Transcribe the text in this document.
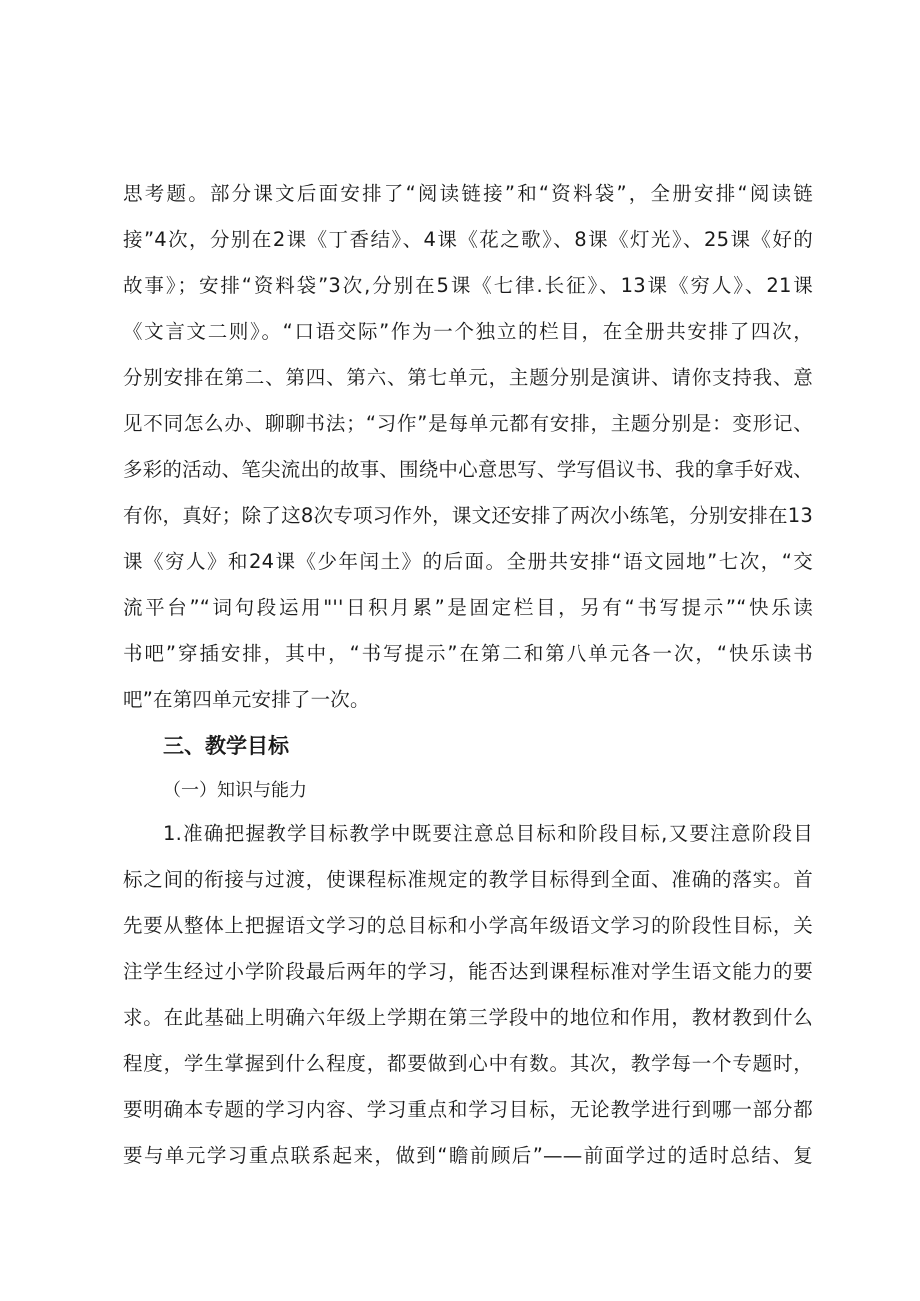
思考题。部分课文后面安排了“阅读链接”和“资料袋”，全册安排“阅读链
接”4次，分别在2课《丁香结》、4课《花之歌》、8课《灯光》、25课《好的
故事》；安排“资料袋”3次,分别在5课《七律.长征》、13课《穷人》、21课
《文言文二则》。“口语交际”作为一个独立的栏目，在全册共安排了四次，
分别安排在第二、第四、第六、第七单元，主题分别是演讲、请你支持我、意
见不同怎么办、聊聊书法；“习作”是每单元都有安排，主题分别是：变形记、
多彩的活动、笔尖流出的故事、围绕中心意思写、学写倡议书、我的拿手好戏、
有你，真好；除了这8次专项习作外，课文还安排了两次小练笔，分别安排在13
课《穷人》和24课《少年闰土》的后面。全册共安排“语文园地”七次，“交
流平台”“词句段运用"''日积月累”是固定栏目，另有“书写提示”“快乐读
书吧”穿插安排，其中，“书写提示”在第二和第八单元各一次，“快乐读书
吧”在第四单元安排了一次。
三、教学目标
（一）知识与能力
1.准确把握教学目标教学中既要注意总目标和阶段目标,又要注意阶段目
标之间的衔接与过渡，使课程标准规定的教学目标得到全面、准确的落实。首
先要从整体上把握语文学习的总目标和小学高年级语文学习的阶段性目标，关
注学生经过小学阶段最后两年的学习，能否达到课程标准对学生语文能力的要
求。在此基础上明确六年级上学期在第三学段中的地位和作用，教材教到什么
程度，学生掌握到什么程度，都要做到心中有数。其次，教学每一个专题时，
要明确本专题的学习内容、学习重点和学习目标，无论教学进行到哪一部分都
要与单元学习重点联系起来，做到“瞻前顾后”——前面学过的适时总结、复
